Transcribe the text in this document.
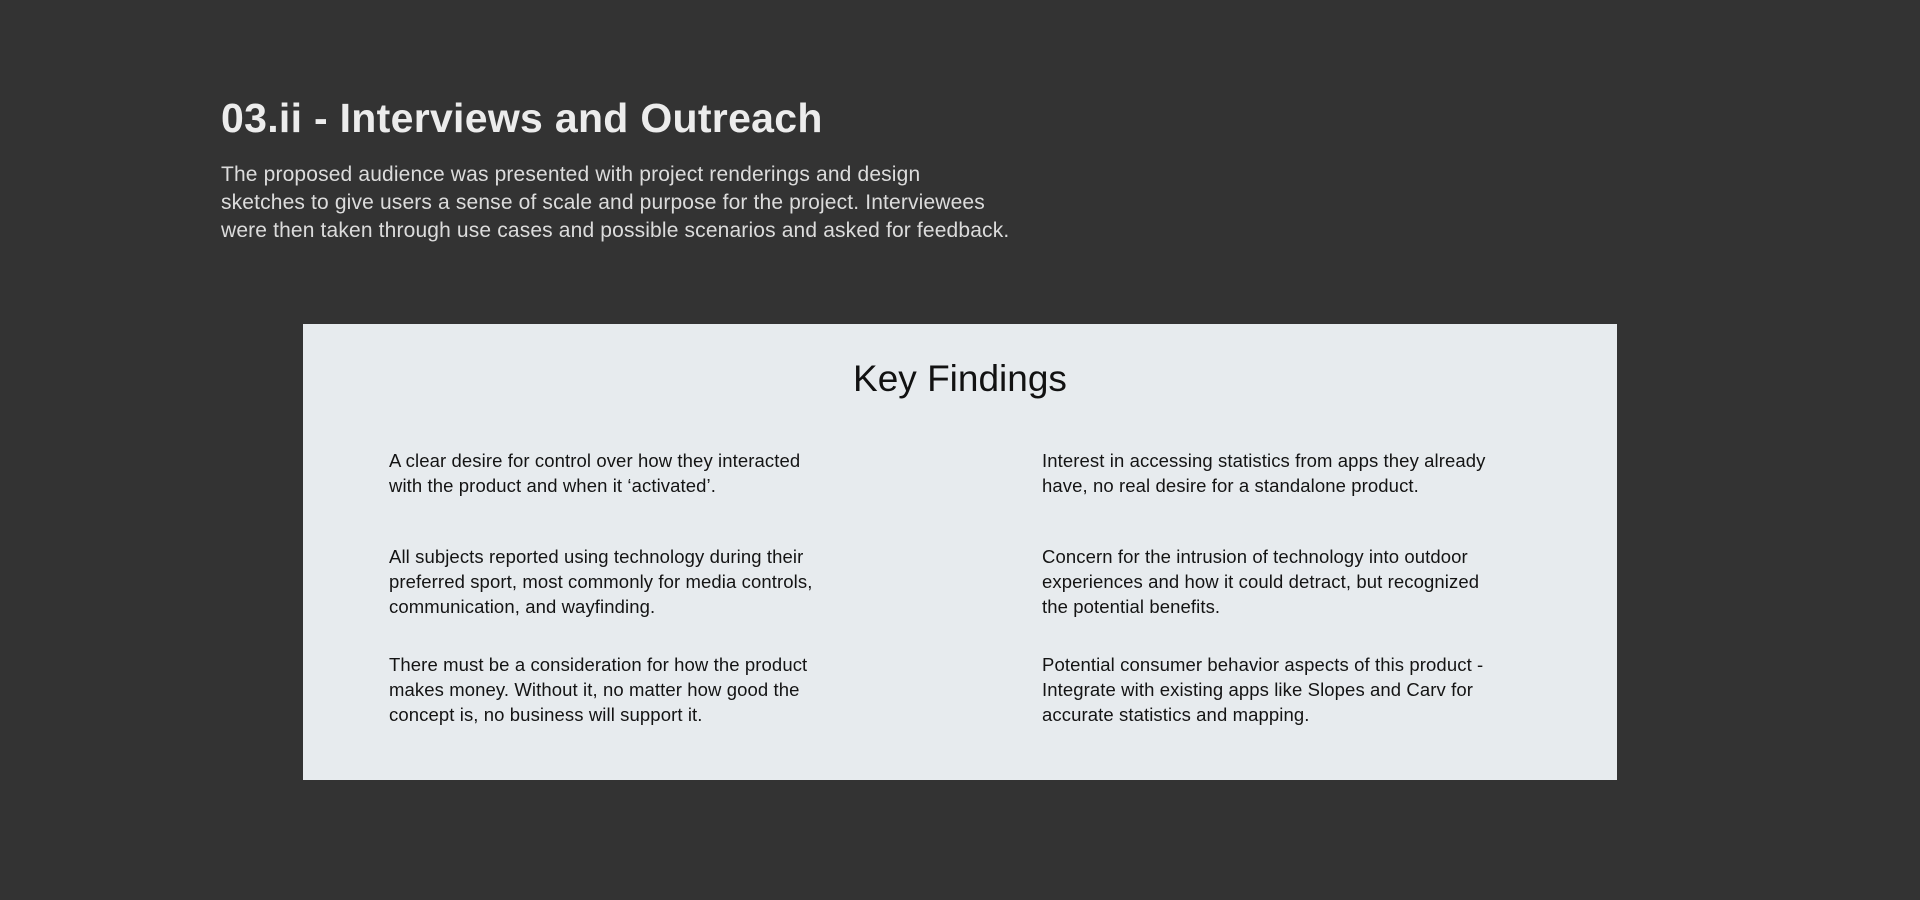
03.ii - Interviews and Outreach

The proposed audience was presented with project renderings and design
sketches to give users a sense of scale and purpose for the project. Interviewees
were then taken through use cases and possible scenarios and asked for feedback.

Key Findings

A clear desire for control over how they interacted
with the product and when it ‘activated’.

All subjects reported using technology during their
preferred sport, most commonly for media controls,
communication, and wayfinding.

There must be a consideration for how the product
makes money. Without it, no matter how good the
concept is, no business will support it.

Interest in accessing statistics from apps they already
have, no real desire for a standalone product.

Concern for the intrusion of technology into outdoor
experiences and how it could detract, but recognized
the potential benefits.

Potential consumer behavior aspects of this product -
Integrate with existing apps like Slopes and Carv for
accurate statistics and mapping.
